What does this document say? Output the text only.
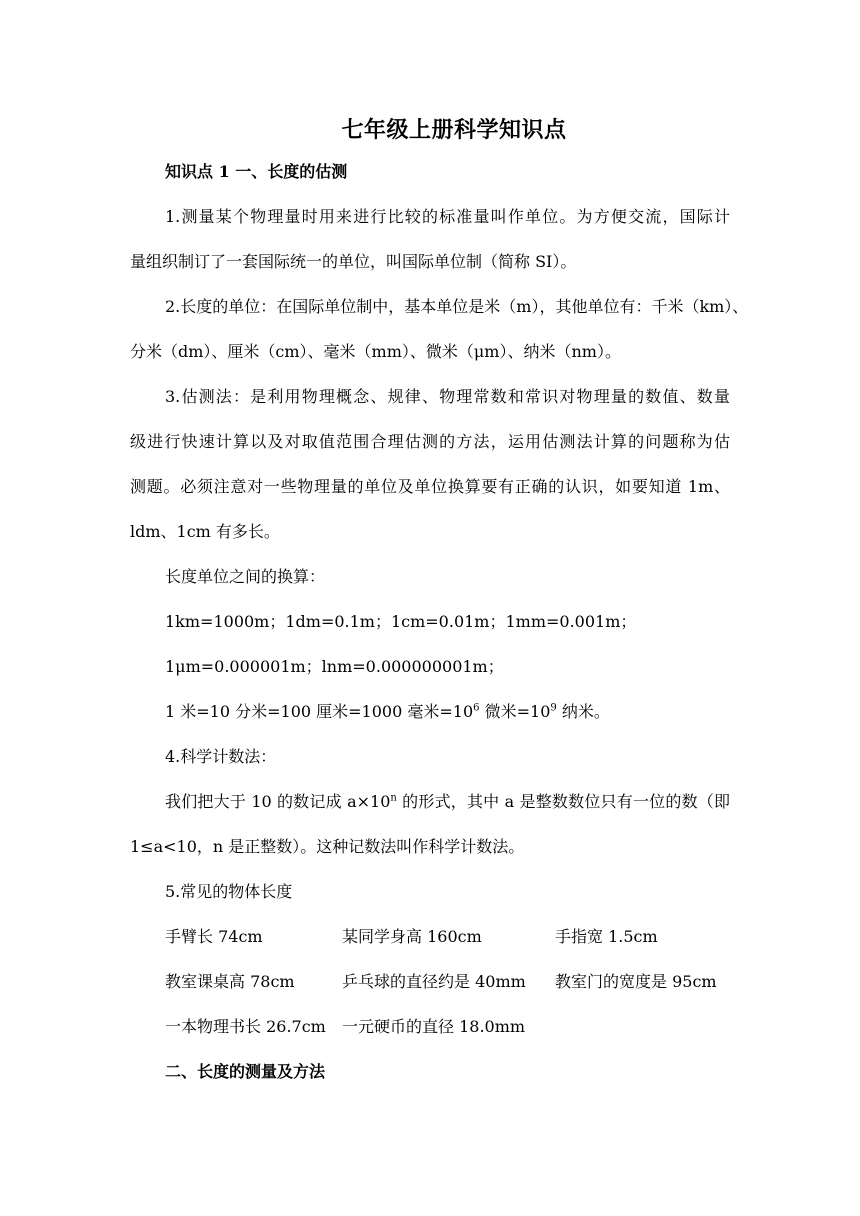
七年级上册科学知识点
知识点 1 一、长度的估测
1.测量某个物理量时用来进行比较的标准量叫作单位。为方便交流，国际计
量组织制订了一套国际统一的单位，叫国际单位制（简称 SI）。
2.长度的单位：在国际单位制中，基本单位是米（m），其他单位有：千米（km）、
分米（dm）、厘米（cm）、毫米（mm）、微米（μm）、纳米（nm）。
3.估测法：是利用物理概念、规律、物理常数和常识对物理量的数值、数量
级进行快速计算以及对取值范围合理估测的方法，运用估测法计算的问题称为估
测题。必须注意对一些物理量的单位及单位换算要有正确的认识，如要知道 1m、
ldm、1cm 有多长。
长度单位之间的换算：
1km=1000m；1dm=0.1m；1cm=0.01m；1mm=0.001m；
1μm=0.000001m；lnm=0.000000001m；
1 米=10 分米=100 厘米=1000 毫米$=10^6$ 微米$=10^9$ 纳米。
4.科学计数法：
我们把大于 10 的数记成 $a\times 10^n$ 的形式，其中 a 是整数数位只有一位的数（即
1≤a<10，n 是正整数）。这种记数法叫作科学计数法。
5.常见的物体长度
手臂长 74cm	某同学身高 160cm	手指宽 1.5cm
教室课桌高 78cm	乒乓球的直径约是 40mm 教室门的宽度是 95cm
一本物理书长 26.7cm 一元硬币的直径 18.0mm
二、长度的测量及方法
